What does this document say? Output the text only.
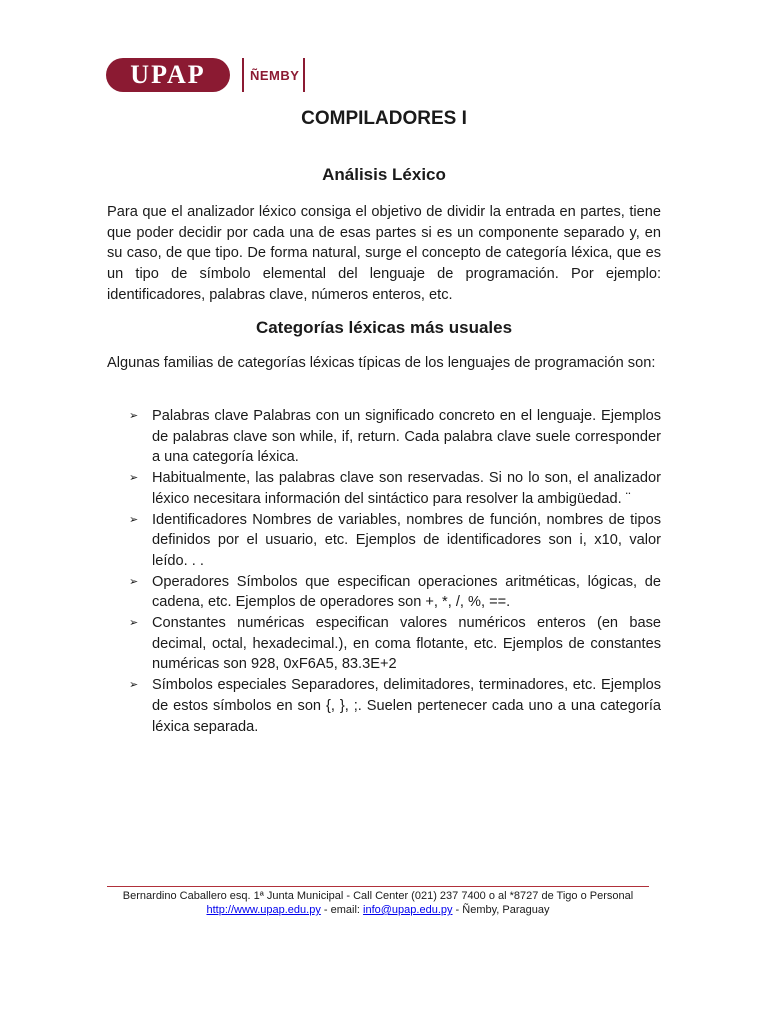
UPAP	ÑEMBY
COMPILADORES I
Análisis Léxico

Para que el analizador léxico consiga el objetivo de dividir la entrada en partes, tiene que poder decidir por cada una de esas partes si es un componente separado y, en su caso, de que tipo. De forma natural, surge el concepto de categoría léxica, que es un tipo de símbolo elemental del lenguaje de programación. Por ejemplo: identificadores, palabras clave, números enteros, etc.

Categorías léxicas más usuales

Algunas familias de categorías léxicas típicas de los lenguajes de programación son:

➢ Palabras clave Palabras con un significado concreto en el lenguaje. Ejemplos de palabras clave son while, if, return. Cada palabra clave suele corresponder a una categoría léxica.
➢ Habitualmente, las palabras clave son reservadas. Si no lo son, el analizador léxico necesitara información del sintáctico para resolver la ambigüedad. ¨
➢ Identificadores Nombres de variables, nombres de función, nombres de tipos definidos por el usuario, etc. Ejemplos de identificadores son i, x10, valor leído. . .
➢ Operadores Símbolos que especifican operaciones aritméticas, lógicas, de cadena, etc. Ejemplos de operadores son +, *, /, %, ==.
➢ Constantes numéricas especifican valores numéricos enteros (en base decimal, octal, hexadecimal.), en coma flotante, etc. Ejemplos de constantes numéricas son 928, 0xF6A5, 83.3E+2
➢ Símbolos especiales Separadores, delimitadores, terminadores, etc. Ejemplos de estos símbolos en son {, }, ;. Suelen pertenecer cada uno a una categoría léxica separada.
Bernardino Caballero esq. 1ª Junta Municipal - Call Center (021) 237 7400 o al *8727 de Tigo o Personal
http://www.upap.edu.py - email: info@upap.edu.py - Ñemby, Paraguay
